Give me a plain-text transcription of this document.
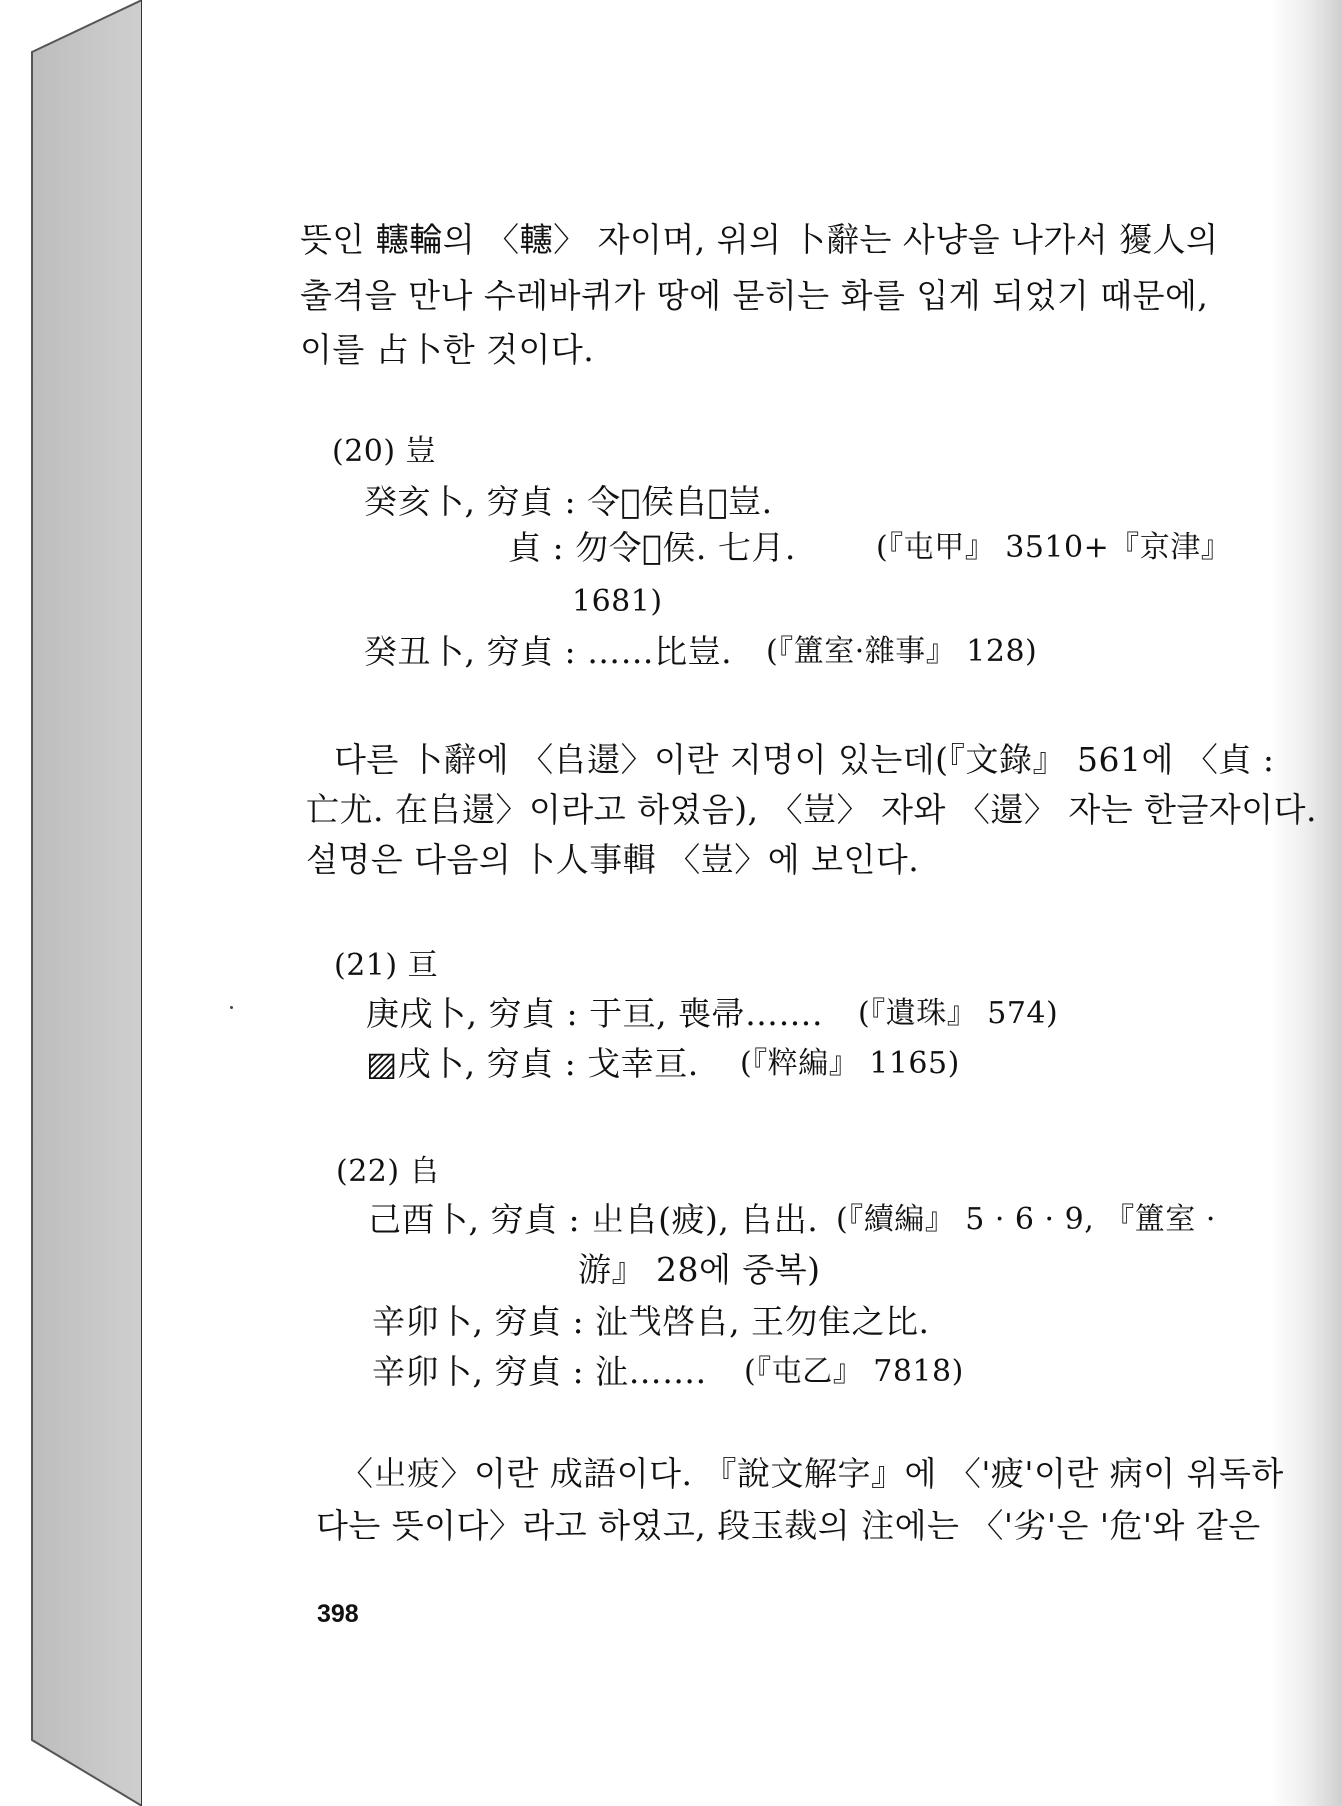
뜻인 𨏥輪의 〈𨏥〉 자이며, 위의 卜辭는 사냥을 나가서 獶人의
출격을 만나 수레바퀴가 땅에 묻히는 화를 입게 되었기 때문에,
이를 占卜한 것이다.
(20) 豈
癸亥卜, 穷貞 : 令𠤬侯𠂤𡌬豈.
貞 : 勿令𠤬侯. 七月.	(『屯甲』 3510+『京津』
1681)
癸丑卜, 穷貞 : ……比豈. (『簠室·雜事』 128)
다른 卜辭에 〈𠂤𨗈〉이란 지명이 있는데(『文錄』 561에 〈貞 :
亡尤. 在𠂤𨗈〉이라고 하였음), 〈豈〉 자와 〈𨗈〉 자는 한글자이다.
설명은 다음의 卜人事輯 〈豈〉에 보인다.
(21) 亘
庚戌卜, 穷貞 : 于亘, 喪帚……. (『遺珠』 574)
▨戌卜, 穷貞 : 戈幸亘. (『粹編』 1165)
(22) 𠂤
己酉卜, 穷貞 : 𡳿𠂤(疲), 𠂤出. (『續編』 5 · 6 · 9, 『簠室 ·
游』 28에 중복)
辛卯卜, 穷貞 : 沚𢦏啓𠂤, 王勿隹之比.
辛卯卜, 穷貞 : 沚……. (『屯乙』 7818)
〈𡳿疲〉이란 成語이다. 『說文解字』에 〈'疲'이란 病이 위독하
다는 뜻이다〉라고 하였고, 段玉裁의 注에는 〈'劣'은 '危'와 같은
398
